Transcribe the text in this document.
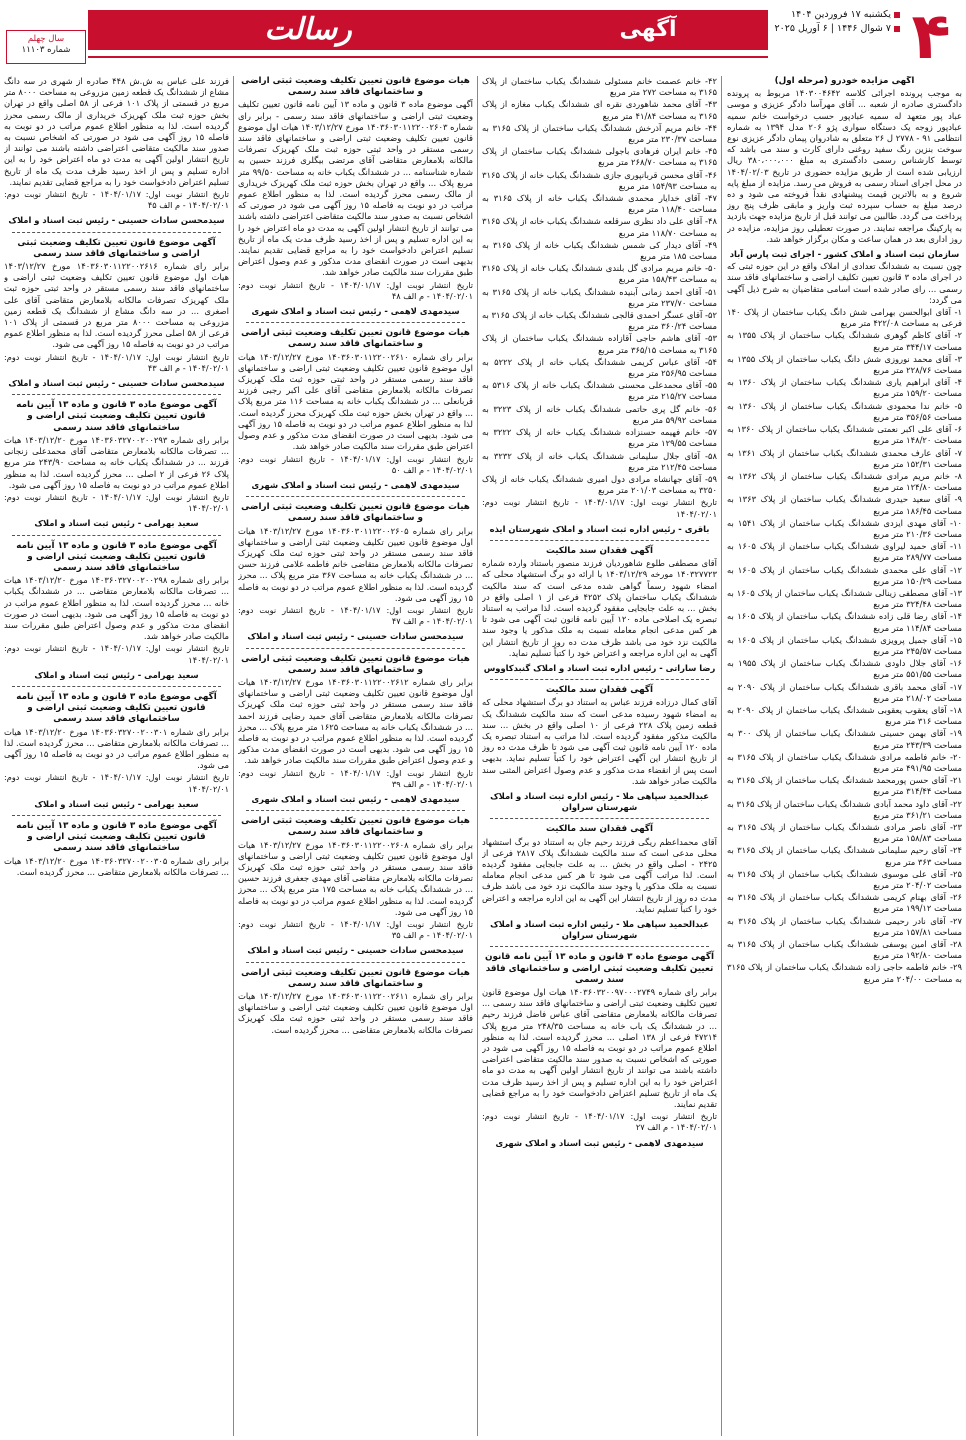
۴
یکشنبه ۱۷ فروردین ۱۴۰۴
۷ شوال ۱۴۴۶ | ۶ آوریل ۲۰۲۵
آگهی
رسالت
سال چهلم
شماره ۱۱۱۰۳

آگهی مزایده خودرو (مرحله اول)

به موجب پرونده اجرائی کلاسه ۱۴۰۳۰۰۴۶۴۲ مربوط به پرونده دادگستری صادره از شعبه ... آقای مهرآسا دادگر عزیزی و موسی عباد پور متعهد له سمیه عبادپور حسب درخواست خانم سمیه عبادپور زوجه یک دستگاه سواری پژو ۲۰۶ مدل ۱۳۹۴ به شماره انتظامی ۹۱ - ۲۷۷۸ ل ۲۶ متعلق به شادروان پیمان دادگر عزیزی نوع سوخت بنزین رنگ سفید روغنی دارای کارت و سند می باشد که توسط کارشناس رسمی دادگستری به مبلغ ۳۸۰،۰۰۰،۰۰۰ ریال ارزیابی شده است از طریق مزایده حضوری در تاریخ ۱۴۰۴/۰۲/۰۳ در محل اجرای اسناد رسمی به فروش می رسد. مزایده از مبلغ پایه شروع و به بالاترین قیمت پیشنهادی نقداً فروخته می شود و ده درصد مبلغ به حساب سپرده ثبت واریز و مابقی ظرف پنج روز پرداخت می گردد. طالبین می توانند قبل از تاریخ مزایده جهت بازدید به پارکینگ مراجعه نمایند. در صورت تعطیلی روز مزایده، مزایده در روز اداری بعد در همان ساعت و مکان برگزار خواهد شد.

سازمان ثبت اسناد و املاک کشور - اجرای ثبت پارس آباد

چون نسبت به ششدانگ تعدادی از املاک واقع در این حوزه ثبتی که در اجرای ماده ۳ قانون تعیین تکلیف اراضی و ساختمانهای فاقد سند رسمی ... رای صادر شده است اسامی متقاضیان به شرح ذیل آگهی می گردد:

۱- آقای ابوالحسن بهرامی شش دانگ یکباب ساختمان از پلاک ۱۴۰ فرعی به مساحت ۴۲۲/۰۸ متر مربع

۲- آقای کاظم گوهری ششدانگ یکباب ساختمان از پلاک ۱۳۵۵ به مساحت ۳۴۴/۱۷ متر مربع

۳- آقای محمد نوروزی شش دانگ یکباب ساختمان از پلاک ۱۳۵۵ به مساحت ۲۲۸/۷۶ متر مربع

۴- آقای ابراهیم یاری ششدانگ یکباب ساختمان از پلاک ۱۳۶۰ به مساحت ۱۵۹/۲۰ متر مربع

۵- خانم ندا محمودی ششدانگ یکباب ساختمان از پلاک ۱۳۶۰ به مساحت ۳۵۶/۵۶ متر مربع

۶- آقای علی اکبر نعمتی ششدانگ یکباب ساختمان از پلاک ۱۳۶۰ به مساحت ۱۴۸/۲۰ متر مربع

۷- آقای عارف محمدی ششدانگ یکباب ساختمان از پلاک ۱۳۶۱ به مساحت ۱۵۲/۳۱ متر مربع

۸- خانم مریم مرادی ششدانگ یکباب ساختمان از پلاک ۱۳۶۲ به مساحت ۱۲۴/۸۰ متر مربع

۹- آقای سعید حیدری ششدانگ یکباب ساختمان از پلاک ۱۳۶۳ به مساحت ۱۸۶/۴۵ متر مربع

۱۰- آقای مهدی ایزدی ششدانگ یکباب ساختمان از پلاک ۱۵۴۱ به مساحت ۲۱۰/۳۶ متر مربع

۱۱- آقای حمید لیراوی ششدانگ یکباب ساختمان از پلاک ۱۶۰۵ به مساحت ۲۸۹/۷۷ متر مربع

۱۲- آقای علی محمدی ششدانگ یکباب ساختمان از پلاک ۱۶۰۵ به مساحت ۱۵۰/۲۹ متر مربع

۱۳- آقای مصطفی زینالی ششدانگ یکباب ساختمان از پلاک ۱۶۰۵ به مساحت ۳۲۴/۴۸ متر مربع

۱۴- آقای رضا قلی زاده ششدانگ یکباب ساختمان از پلاک ۱۶۰۵ به مساحت ۱۱۴/۸۴ متر مربع

۱۵- آقای جمیل پرویزی ششدانگ یکباب ساختمان از پلاک ۱۶۰۵ به مساحت ۲۴۵/۵۷ متر مربع

۱۶- آقای جلال داودی ششدانگ یکباب ساختمان از پلاک ۱۹۵۵ به مساحت ۵۵۱/۵۵ متر مربع

۱۷- آقای محمد باقری ششدانگ یکباب ساختمان از پلاک ۲۰۹۰ به مساحت ۲۱۸/۰۲ متر مربع

۱۸- آقای یعقوب یعقوبی ششدانگ یکباب ساختمان از پلاک ۲۰۹۰ به مساحت ۳۱۶ متر مربع

۱۹- آقای بهمن حسینی ششدانگ یکباب ساختمان از پلاک ۳۰۰ به مساحت ۲۴۳/۳۹ متر مربع

۲۰- خانم فاطمه مرادی ششدانگ یکباب ساختمان از پلاک ۳۱۶۵ به مساحت ۴۹۱/۹۵ متر مربع

۲۱- آقای حسن پورمحمد ششدانگ یکباب ساختمان از پلاک ۳۱۶۵ به مساحت ۳۱۴/۴۴ متر مربع

۲۲- آقای داود محمد آبادی ششدانگ یکباب ساختمان از پلاک ۳۱۶۵ به مساحت ۳۶۱/۲۱ متر مربع

۲۳- آقای ناصر مرادی ششدانگ یکباب ساختمان از پلاک ۳۱۶۵ به مساحت ۱۵۸/۸۳ متر مربع

۲۴- آقای رحیم سلیمانی ششدانگ یکباب ساختمان از پلاک ۳۱۶۵ به مساحت ۳۶۳ متر مربع

۲۵- آقای علی موسوی ششدانگ یکباب ساختمان از پلاک ۳۱۶۵ به مساحت ۲۰۴/۰۲ متر مربع

۲۶- آقای بهنام کریمی ششدانگ یکباب ساختمان از پلاک ۳۱۶۵ به مساحت ۱۹۹/۱۲ متر مربع

۲۷- آقای نادر رحیمی ششدانگ یکباب ساختمان از پلاک ۳۱۶۵ به مساحت ۱۵۷/۸۱ متر مربع

۲۸- آقای امین یوسفی ششدانگ یکباب ساختمان از پلاک ۳۱۶۵ به مساحت ۱۹۲/۸۰ متر مربع

۲۹- خانم فاطمه حاجی زاده ششدانگ یکباب ساختمان از پلاک ۳۱۶۵ به مساحت ۲۰۴/۰۰ متر مربع

۴۲- خانم عصمت خانم مسئولی ششدانگ یکباب ساختمان از پلاک ۳۱۶۵ به مساحت ۲۷۲ متر مربع

۴۳- آقای محمد شاهوردی نقره ای ششدانگ یکباب مغازه از پلاک ۳۱۶۵ به مساحت ۴۱/۸۴ متر مربع

۴۴- خانم مریم آذرخش ششدانگ یکباب ساختمان از پلاک ۳۱۶۵ به مساحت ۲۳۰/۳۷ متر مربع

۴۵- خانم ایران فرهادی باجولی ششدانگ یکباب ساختمان از پلاک ۳۱۶۵ به مساحت ۲۶۸/۷۰ متر مربع

۴۶- آقای محسن قربانپوری جازی ششدانگ یکباب خانه از پلاک ۳۱۶۵ به مساحت ۱۵۴/۹۳ متر مربع

۴۷- آقای خدایار محمدی ششدانگ یکباب خانه از پلاک ۳۱۶۵ به مساحت ۱۱۸/۴۰ متر مربع

۴۸- آقای علی داد نظری سرقلعه ششدانگ یکباب خانه از پلاک ۳۱۶۵ به مساحت ۱۱۸/۷۰ متر مربع

۴۹- آقای دیدار کی شمس ششدانگ یکباب خانه از پلاک ۳۱۶۵ به مساحت ۱۸۵ متر مربع

۵۰- خانم مریم مرادی گل بلندی ششدانگ یکباب خانه از پلاک ۳۱۶۵ به مساحت ۱۵۸/۴۳ متر مربع

۵۱- آقای احمد زمانی آبنیده ششدانگ یکباب خانه از پلاک ۳۱۶۵ به مساحت ۲۳۷/۷۰ متر مربع

۵۲- آقای عسگر احمدی قالجی ششدانگ یکباب خانه از پلاک ۳۱۶۵ به مساحت ۳۶۰/۲۴ متر مربع

۵۳- آقای هاشم حاجی آقازاده ششدانگ یکباب ساختمان از پلاک ۳۱۶۵ به مساحت ۳۶۵/۱۵ متر مربع

۵۴- آقای عباس کریمی ششدانگ یکباب خانه از پلاک ۵۲۲۲ به مساحت ۲۵۶/۹۵ متر مربع

۵۵- آقای محمدعلی محسنی ششدانگ یکباب خانه از پلاک ۵۳۱۶ به مساحت ۲۱۵/۲۷ متر مربع

۵۶- خانم گل پری حاتمی ششدانگ یکباب خانه از پلاک ۳۲۲۳ به مساحت ۵۹/۹۲ متر مربع

۵۷- خانم فهیمه حسنزاده ششدانگ یکباب خانه از پلاک ۳۲۲۲ به مساحت ۱۲۹/۵۵ متر مربع

۵۸- آقای جلال سلیمانی ششدانگ یکباب خانه از پلاک ۳۲۳۲ به مساحت ۲۱۲/۴۵ متر مربع

۵۹- آقای جهانشاه مرادی دول امیری ششدانگ یکباب خانه از پلاک ۳۲۵۰ به مساحت ۲۰۱/۰۳ متر مربع

تاریخ انتشار نوبت اول: ۱۴۰۴/۰۱/۱۷ - تاریخ انتشار نوبت دوم: ۱۴۰۴/۰۲/۰۱

باقری - رئیس اداره ثبت اسناد و املاک شهرستان ایذه

آگهی فقدان سند مالکیت

آقای مصطفی طلوع شاهوردیان فرزند منصور باستناد وارده شماره ۱۴۰۳۲۷۷۲۳ مورخه ۱۴۰۳/۱۲/۲۹ با ارائه دو برگ استشهاد محلی که امضاء شهود رسماً گواهی شده مدعی است که سند مالکیت ششدانگ یکباب ساختمان پلاک ۴۲۵۲ فرعی از ۱ اصلی واقع در بخش ... به علت جابجایی مفقود گردیده است. لذا مراتب به استناد تبصره یک اصلاحی ماده ۱۲۰ آیین نامه قانون ثبت آگهی می شود تا هر کس مدعی انجام معامله نسبت به ملک مذکور یا وجود سند مالکیت نزد خود می باشد ظرف مدت ده روز از تاریخ انتشار این آگهی به این اداره مراجعه و اعتراض خود را کتباً تسلیم نماید.

رضا ساراتی - رئیس اداره ثبت اسناد و املاک گنبدکاووس

آگهی فقدان سند مالکیت

آقای کمال درزاده فرزند عباس به استناد دو برگ استشهاد محلی که به امضاء شهود رسیده مدعی است که سند مالکیت ششدانگ یک قطعه زمین پلاک ۲۲۸ فرعی از ۱۰ اصلی واقع در بخش ... سند مالکیت مذکور مفقود گردیده است. لذا مراتب به استناد تبصره یک ماده ۱۲۰ آیین نامه قانون ثبت آگهی می شود تا ظرف مدت ده روز از تاریخ انتشار این آگهی اعتراض خود را کتباً تسلیم نماید. بدیهی است پس از انقضاء مدت مذکور و عدم وصول اعتراض المثنی سند مالکیت صادر خواهد شد.

عبدالحمید سپاهی ملا - رئیس اداره ثبت اسناد و املاک شهرستان سراوان

آگهی فقدان سند مالکیت

آقای محمداعظم ریگی فرزند رحیم جان به استناد دو برگ استشهاد محلی مدعی است که سند مالکیت ششدانگ پلاک ۲۸۱۷ فرعی از ۲۴۲۵ - اصلی واقع در بخش ... به علت جابجایی مفقود گردیده است. لذا مراتب آگهی می شود تا هر کس مدعی انجام معامله نسبت به ملک مذکور یا وجود سند مالکیت نزد خود می باشد ظرف مدت ده روز از تاریخ انتشار این آگهی به این اداره مراجعه و اعتراض خود را کتباً تسلیم نماید.

عبدالحمید سپاهی ملا - رئیس اداره ثبت اسناد و املاک شهرستان سراوان

آگهی موضوع ماده ۳ قانون و ماده ۱۳ آیین نامه قانون تعیین تکلیف وضعیت ثبتی اراضی و ساختمانهای فاقد سند رسمی

برابر رای شماره ۱۴۰۳۶۰۳۲۰۰۹۷۰۰۰۲۷۴۹ هیات اول موضوع قانون تعیین تکلیف وضعیت ثبتی اراضی و ساختمانهای فاقد سند رسمی ... تصرفات مالکانه بلامعارض متقاضی آقای عباس فاضل فرزند رحیم ... در ششدانگ یک باب خانه به مساحت ۲۴۸/۳۵ متر مربع پلاک ۴۷۲۱۴ فرعی از ۱۳۸ اصلی ... محرز گردیده است. لذا به منظور اطلاع عموم مراتب در دو نوبت به فاصله ۱۵ روز آگهی می شود در صورتی که اشخاص نسبت به صدور سند مالکیت متقاضی اعتراضی داشته باشند می توانند از تاریخ انتشار اولین آگهی به مدت دو ماه اعتراض خود را به این اداره تسلیم و پس از اخذ رسید ظرف مدت یک ماه از تاریخ تسلیم اعتراض دادخواست خود را به مراجع قضایی تقدیم نمایند.

تاریخ انتشار نوبت اول: ۱۴۰۴/۰۱/۱۷ - تاریخ انتشار نوبت دوم: ۱۴۰۴/۰۲/۰۱ - م الف ۲۷

سیدمهدی لاهمی - رئیس ثبت اسناد و املاک شهری

هیات موضوع قانون تعیین تکلیف وضعیت ثبتی اراضی و ساختمانهای فاقد سند رسمی

آگهی موضوع ماده ۳ قانون و ماده ۱۳ آیین نامه قانون تعیین تکلیف وضعیت ثبتی اراضی و ساختمانهای فاقد سند رسمی - برابر رای شماره ۱۴۰۳۶۰۳۰۱۱۲۲۰۰۲۶۰۳ مورخ ۱۴۰۳/۱۲/۲۷ هیات اول موضوع قانون تعیین تکلیف وضعیت ثبتی اراضی و ساختمانهای فاقد سند رسمی مستقر در واحد ثبتی حوزه ثبت ملک کهریزک تصرفات مالکانه بلامعارض متقاضی آقای مرتضی بیگلری فرزند حسین به شماره شناسنامه ... در ششدانگ یکباب خانه به مساحت ۹۹/۵۰ متر مربع پلاک ... واقع در تهران بخش حوزه ثبت ملک کهریزک خریداری از مالک رسمی محرز گردیده است. لذا به منظور اطلاع عموم مراتب در دو نوبت به فاصله ۱۵ روز آگهی می شود در صورتی که اشخاص نسبت به صدور سند مالکیت متقاضی اعتراضی داشته باشند می توانند از تاریخ انتشار اولین آگهی به مدت دو ماه اعتراض خود را به این اداره تسلیم و پس از اخذ رسید ظرف مدت یک ماه از تاریخ تسلیم اعتراض دادخواست خود را به مراجع قضایی تقدیم نمایند. بدیهی است در صورت انقضای مدت مذکور و عدم وصول اعتراض طبق مقررات سند مالکیت صادر خواهد شد.

تاریخ انتشار نوبت اول: ۱۴۰۴/۰۱/۱۷ - تاریخ انتشار نوبت دوم: ۱۴۰۴/۰۲/۰۱ - م الف ۴۸

سیدمهدی لاهمی - رئیس ثبت اسناد و املاک شهری

هیات موضوع قانون تعیین تکلیف وضعیت ثبتی اراضی و ساختمانهای فاقد سند رسمی

برابر رای شماره ۱۴۰۳۶۰۳۰۱۱۲۲۰۰۲۶۱۰ مورخ ۱۴۰۳/۱۲/۲۷ هیات اول موضوع قانون تعیین تکلیف وضعیت ثبتی اراضی و ساختمانهای فاقد سند رسمی مستقر در واحد ثبتی حوزه ثبت ملک کهریزک تصرفات مالکانه بلامعارض متقاضی آقای علی اکبر رجبی فرزند قربانعلی ... در ششدانگ یکباب خانه به مساحت ۱۱۶ متر مربع پلاک ... واقع در تهران بخش حوزه ثبت ملک کهریزک محرز گردیده است. لذا به منظور اطلاع عموم مراتب در دو نوبت به فاصله ۱۵ روز آگهی می شود. بدیهی است در صورت انقضای مدت مذکور و عدم وصول اعتراض طبق مقررات سند مالکیت صادر خواهد شد.

تاریخ انتشار نوبت اول: ۱۴۰۴/۰۱/۱۷ - تاریخ انتشار نوبت دوم: ۱۴۰۴/۰۲/۰۱ - م الف ۵۰

سیدمهدی لاهمی - رئیس ثبت اسناد و املاک شهری

هیات موضوع قانون تعیین تکلیف وضعیت ثبتی اراضی و ساختمانهای فاقد سند رسمی

برابر رای شماره ۱۴۰۳۶۰۳۰۱۱۲۲۰۰۲۶۰۵ مورخ ۱۴۰۳/۱۲/۲۷ هیات اول موضوع قانون تعیین تکلیف وضعیت ثبتی اراضی و ساختمانهای فاقد سند رسمی مستقر در واحد ثبتی حوزه ثبت ملک کهریزک تصرفات مالکانه بلامعارض متقاضی خانم فاطمه غلامی فرزند حسن ... در ششدانگ یکباب خانه به مساحت ۳۶۷ متر مربع پلاک ... محرز گردیده است. لذا به منظور اطلاع عموم مراتب در دو نوبت به فاصله ۱۵ روز آگهی می شود.

تاریخ انتشار نوبت اول: ۱۴۰۴/۰۱/۱۷ - تاریخ انتشار نوبت دوم: ۱۴۰۴/۰۲/۰۱ - م الف ۴۷

سیدمحسن سادات حسینی - رئیس ثبت اسناد و املاک

هیات موضوع قانون تعیین تکلیف وضعیت ثبتی اراضی و ساختمانهای فاقد سند رسمی

برابر رای شماره ۱۴۰۳۶۰۳۰۱۱۲۲۰۰۲۶۱۲ مورخ ۱۴۰۳/۱۲/۲۷ هیات اول موضوع قانون تعیین تکلیف وضعیت ثبتی اراضی و ساختمانهای فاقد سند رسمی مستقر در واحد ثبتی حوزه ثبت ملک کهریزک تصرفات مالکانه بلامعارض متقاضی آقای حمید رضایی فرزند احمد ... در ششدانگ یکباب خانه به مساحت ۱۶۲۵ متر مربع پلاک ... محرز گردیده است. لذا به منظور اطلاع عموم مراتب در دو نوبت به فاصله ۱۵ روز آگهی می شود. بدیهی است در صورت انقضای مدت مذکور و عدم وصول اعتراض طبق مقررات سند مالکیت صادر خواهد شد.

تاریخ انتشار نوبت اول: ۱۴۰۴/۰۱/۱۷ - تاریخ انتشار نوبت دوم: ۱۴۰۴/۰۲/۰۱ - م الف ۳۹

سیدمهدی لاهمی - رئیس ثبت اسناد و املاک شهری

هیات موضوع قانون تعیین تکلیف وضعیت ثبتی اراضی و ساختمانهای فاقد سند رسمی

برابر رای شماره ۱۴۰۳۶۰۳۰۱۱۲۲۰۰۲۶۰۸ مورخ ۱۴۰۳/۱۲/۲۷ هیات اول موضوع قانون تعیین تکلیف وضعیت ثبتی اراضی و ساختمانهای فاقد سند رسمی مستقر در واحد ثبتی حوزه ثبت ملک کهریزک تصرفات مالکانه بلامعارض متقاضی آقای مهدی جعفری فرزند حسین ... در ششدانگ یکباب خانه به مساحت ۱۷۵ متر مربع پلاک ... محرز گردیده است. لذا به منظور اطلاع عموم مراتب در دو نوبت به فاصله ۱۵ روز آگهی می شود.

تاریخ انتشار نوبت اول: ۱۴۰۴/۰۱/۱۷ - تاریخ انتشار نوبت دوم: ۱۴۰۴/۰۲/۰۱ - م الف ۳۵

سیدمحسن سادات حسینی - رئیس ثبت اسناد و املاک

هیات موضوع قانون تعیین تکلیف وضعیت ثبتی اراضی و ساختمانهای فاقد سند رسمی

برابر رای شماره ۱۴۰۳۶۰۳۰۱۱۲۲۰۰۲۶۱۱ مورخ ۱۴۰۳/۱۲/۲۷ هیات اول موضوع قانون تعیین تکلیف وضعیت ثبتی اراضی و ساختمانهای فاقد سند رسمی مستقر در واحد ثبتی حوزه ثبت ملک کهریزک تصرفات مالکانه بلامعارض متقاضی ... محرز گردیده است.

فرزند علی عباس به ش.ش ۴۴۸ صادره از شهری در سه دانگ مشاع از ششدانگ یک قطعه زمین مزروعی به مساحت ۸۰۰۰ متر مربع در قسمتی از پلاک ۱۰۱ فرعی از ۵۸ اصلی واقع در تهران بخش حوزه ثبت ملک کهریزک خریداری از مالک رسمی محرز گردیده است. لذا به منظور اطلاع عموم مراتب در دو نوبت به فاصله ۱۵ روز آگهی می شود در صورتی که اشخاص نسبت به صدور سند مالکیت متقاضی اعتراضی داشته باشند می توانند از تاریخ انتشار اولین آگهی به مدت دو ماه اعتراض خود را به این اداره تسلیم و پس از اخذ رسید ظرف مدت یک ماه از تاریخ تسلیم اعتراض دادخواست خود را به مراجع قضایی تقدیم نمایند.

تاریخ انتشار نوبت اول: ۱۴۰۴/۰۱/۱۷ - تاریخ انتشار نوبت دوم: ۱۴۰۴/۰۲/۰۱ - م الف ۴۵

سیدمحسن سادات حسینی - رئیس ثبت اسناد و املاک

آگهی موضوع قانون تعیین تکلیف وضعیت ثبتی اراضی و ساختمانهای فاقد سند رسمی

برابر رای شماره ۱۴۰۳۶۰۳۰۱۱۲۲۰۰۲۶۱۶ مورخ ۱۴۰۳/۱۲/۲۷ هیات اول موضوع قانون تعیین تکلیف وضعیت ثبتی اراضی و ساختمانهای فاقد سند رسمی مستقر در واحد ثبتی حوزه ثبت ملک کهریزک تصرفات مالکانه بلامعارض متقاضی آقای علی اصغری ... در سه دانگ مشاع از ششدانگ یک قطعه زمین مزروعی به مساحت ۸۰۰۰ متر مربع در قسمتی از پلاک ۱۰۱ فرعی از ۵۸ اصلی محرز گردیده است. لذا به منظور اطلاع عموم مراتب در دو نوبت به فاصله ۱۵ روز آگهی می شود.

تاریخ انتشار نوبت اول: ۱۴۰۴/۰۱/۱۷ - تاریخ انتشار نوبت دوم: ۱۴۰۴/۰۲/۰۱ - م الف ۴۳

سیدمحسن سادات حسینی - رئیس ثبت اسناد و املاک

آگهی موضوع ماده ۳ قانون و ماده ۱۳ آیین نامه قانون تعیین تکلیف وضعیت ثبتی اراضی و ساختمانهای فاقد سند رسمی

برابر رای شماره ۱۴۰۳۶۰۳۲۷۰۰۲۰۰۲۹۳ مورخ ۱۴۰۳/۱۲/۲۰ هیات ... تصرفات مالکانه بلامعارض متقاضی آقای محمدعلی زنجانی فرزند ... در ششدانگ یکباب خانه به مساحت ۲۴۳/۹۰ متر مربع پلاک ۲۶ فرعی از ۲ اصلی ... محرز گردیده است. لذا به منظور اطلاع عموم مراتب در دو نوبت به فاصله ۱۵ روز آگهی می شود.

تاریخ انتشار نوبت اول: ۱۴۰۴/۰۱/۱۷ - تاریخ انتشار نوبت دوم: ۱۴۰۴/۰۲/۰۱

سعید بهرامی - رئیس ثبت اسناد و املاک

آگهی موضوع ماده ۳ قانون و ماده ۱۳ آیین نامه قانون تعیین تکلیف وضعیت ثبتی اراضی و ساختمانهای فاقد سند رسمی

برابر رای شماره ۱۴۰۳۶۰۳۲۷۰۰۲۰۰۲۹۸ مورخ ۱۴۰۳/۱۲/۲۰ هیات ... تصرفات مالکانه بلامعارض متقاضی ... در ششدانگ یکباب خانه ... محرز گردیده است. لذا به منظور اطلاع عموم مراتب در دو نوبت به فاصله ۱۵ روز آگهی می شود. بدیهی است در صورت انقضای مدت مذکور و عدم وصول اعتراض طبق مقررات سند مالکیت صادر خواهد شد.

تاریخ انتشار نوبت اول: ۱۴۰۴/۰۱/۱۷ - تاریخ انتشار نوبت دوم: ۱۴۰۴/۰۲/۰۱

سعید بهرامی - رئیس ثبت اسناد و املاک

آگهی موضوع ماده ۳ قانون و ماده ۱۳ آیین نامه قانون تعیین تکلیف وضعیت ثبتی اراضی و ساختمانهای فاقد سند رسمی

برابر رای شماره ۱۴۰۳۶۰۳۲۷۰۰۲۰۰۳۰۱ مورخ ۱۴۰۳/۱۲/۲۰ هیات ... تصرفات مالکانه بلامعارض متقاضی ... محرز گردیده است. لذا به منظور اطلاع عموم مراتب در دو نوبت به فاصله ۱۵ روز آگهی می شود.

تاریخ انتشار نوبت اول: ۱۴۰۴/۰۱/۱۷ - تاریخ انتشار نوبت دوم: ۱۴۰۴/۰۲/۰۱

سعید بهرامی - رئیس ثبت اسناد و املاک

آگهی موضوع ماده ۳ قانون و ماده ۱۳ آیین نامه قانون تعیین تکلیف وضعیت ثبتی اراضی و ساختمانهای فاقد سند رسمی

برابر رای شماره ۱۴۰۳۶۰۳۲۷۰۰۲۰۰۳۰۵ مورخ ۱۴۰۳/۱۲/۲۰ هیات ... تصرفات مالکانه بلامعارض متقاضی ... محرز گردیده است.
